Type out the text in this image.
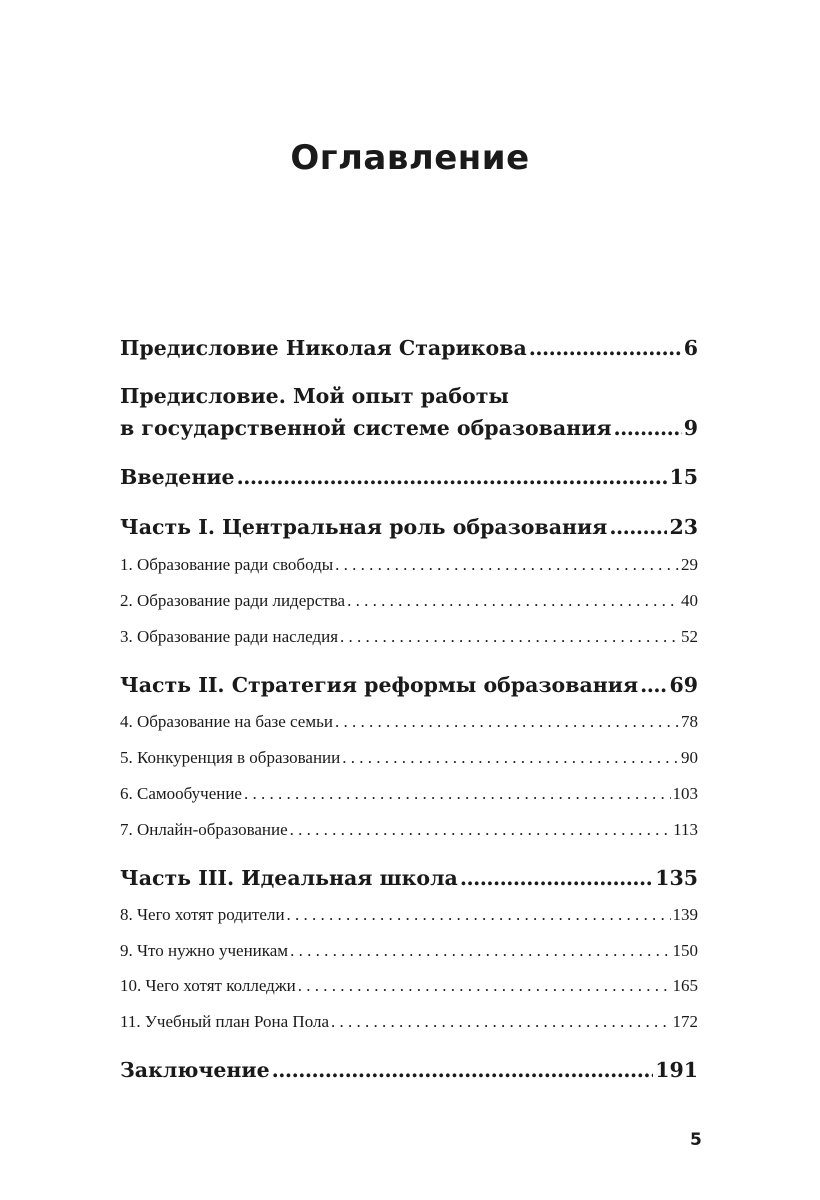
Оглавление
Предисловие Николая Старикова .....	6
Предисловие. Мой опыт работы
в государственной системе образования .....	9
Введение .....	15
Часть I. Центральная роль образования .....	23
1. Образование ради свободы . . .	29
2. Образование ради лидерства . . .	40
3. Образование ради наследия . . .	52
Часть II. Стратегия реформы образования ..... 69
4. Образование на базе семьи . . .	78
5. Конкуренция в образовании . . .	90
6. Самообучение . . .	103
7. Онлайн-образование . . .	113
Часть III. Идеальная школа .....	135
8. Чего хотят родители . . .	139
9. Что нужно ученикам . . .	150
10. Чего хотят колледжи . . .	165
11. Учебный план Рона Пола . . .	172
Заключение .....	191
5
